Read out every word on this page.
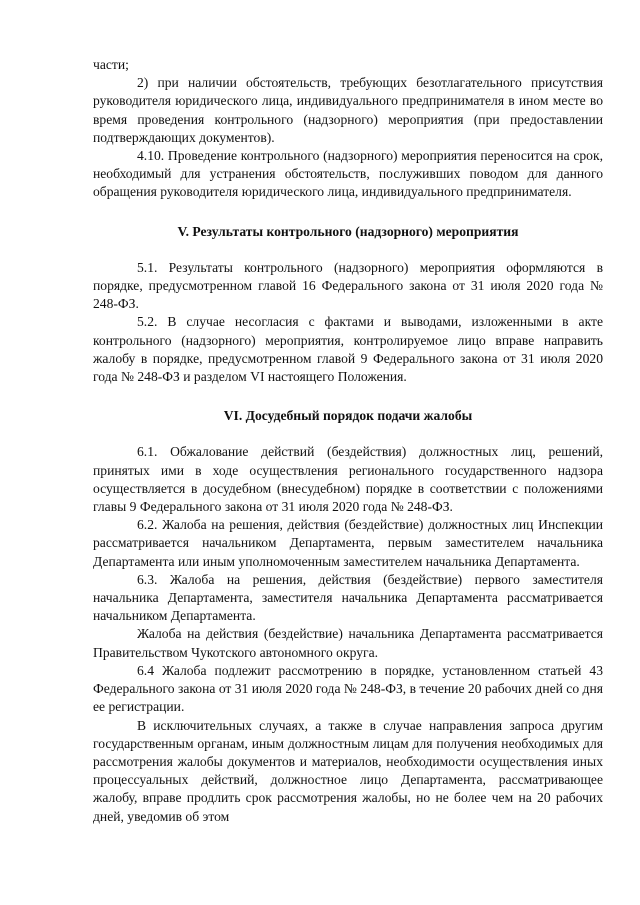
части;

2) при наличии обстоятельств, требующих безотлагательного присутствия руководителя юридического лица, индивидуального предпринимателя в ином месте во время проведения контрольного (надзорного) мероприятия (при предоставлении подтверждающих документов).

4.10. Проведение контрольного (надзорного) мероприятия переносится на срок, необходимый для устранения обстоятельств, послуживших поводом для данного обращения руководителя юридического лица, индивидуального предпринимателя.

V. Результаты контрольного (надзорного) мероприятия

5.1. Результаты контрольного (надзорного) мероприятия оформляются в порядке, предусмотренном главой 16 Федерального закона от 31 июля 2020 года № 248-ФЗ.

5.2. В случае несогласия с фактами и выводами, изложенными в акте контрольного (надзорного) мероприятия, контролируемое лицо вправе направить жалобу в порядке, предусмотренном главой 9 Федерального закона от 31 июля 2020 года № 248-ФЗ и разделом VI настоящего Положения.

VI. Досудебный порядок подачи жалобы

6.1. Обжалование действий (бездействия) должностных лиц, решений, принятых ими в ходе осуществления регионального государственного надзора осуществляется в досудебном (внесудебном) порядке в соответствии с положениями главы 9 Федерального закона от 31 июля 2020 года № 248-ФЗ.

6.2. Жалоба на решения, действия (бездействие) должностных лиц Инспекции рассматривается начальником Департамента, первым заместителем начальника Департамента или иным уполномоченным заместителем начальника Департамента.

6.3. Жалоба на решения, действия (бездействие) первого заместителя начальника Департамента, заместителя начальника Департамента рассматривается начальником Департамента.

Жалоба на действия (бездействие) начальника Департамента рассматривается Правительством Чукотского автономного округа.

6.4 Жалоба подлежит рассмотрению в порядке, установленном статьей 43 Федерального закона от 31 июля 2020 года № 248-ФЗ, в течение 20 рабочих дней со дня ее регистрации.

В исключительных случаях, а также в случае направления запроса другим государственным органам, иным должностным лицам для получения необходимых для рассмотрения жалобы документов и материалов, необходимости осуществления иных процессуальных действий, должностное лицо Департамента, рассматривающее жалобу, вправе продлить срок рассмотрения жалобы, но не более чем на 20 рабочих дней, уведомив об этом
